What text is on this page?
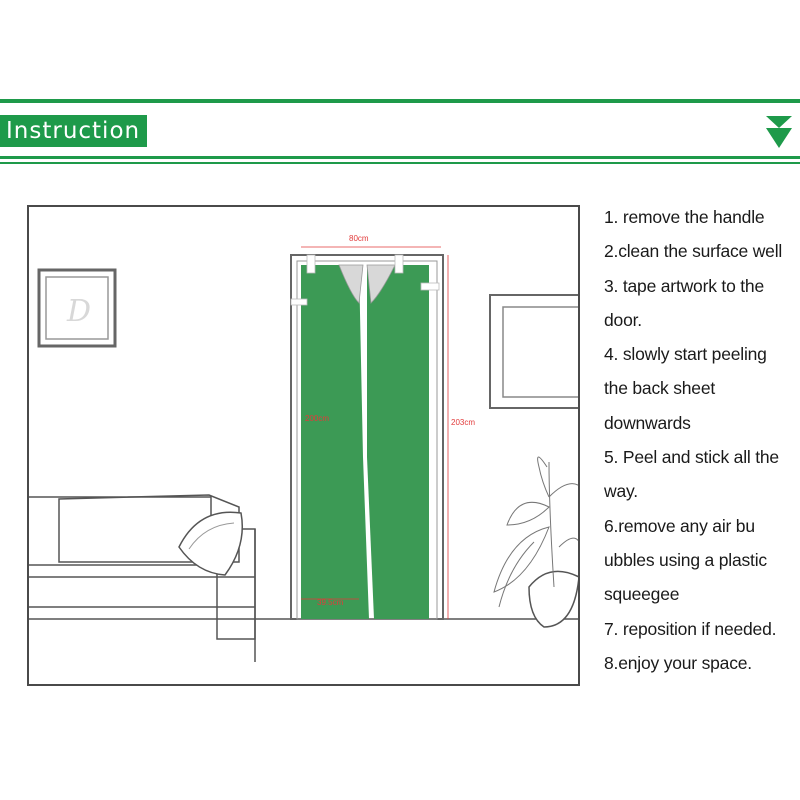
Instruction
D
80cm
203cm
200cm
39.5cm
1. remove the handle
2.clean the surface well
3. tape artwork to the
door.
4. slowly start peeling
the back sheet
downwards
5. Peel and stick all the
way.
6.remove any air bu
ubbles using a plastic
squeegee
7. reposition if needed.
8.enjoy your space.
